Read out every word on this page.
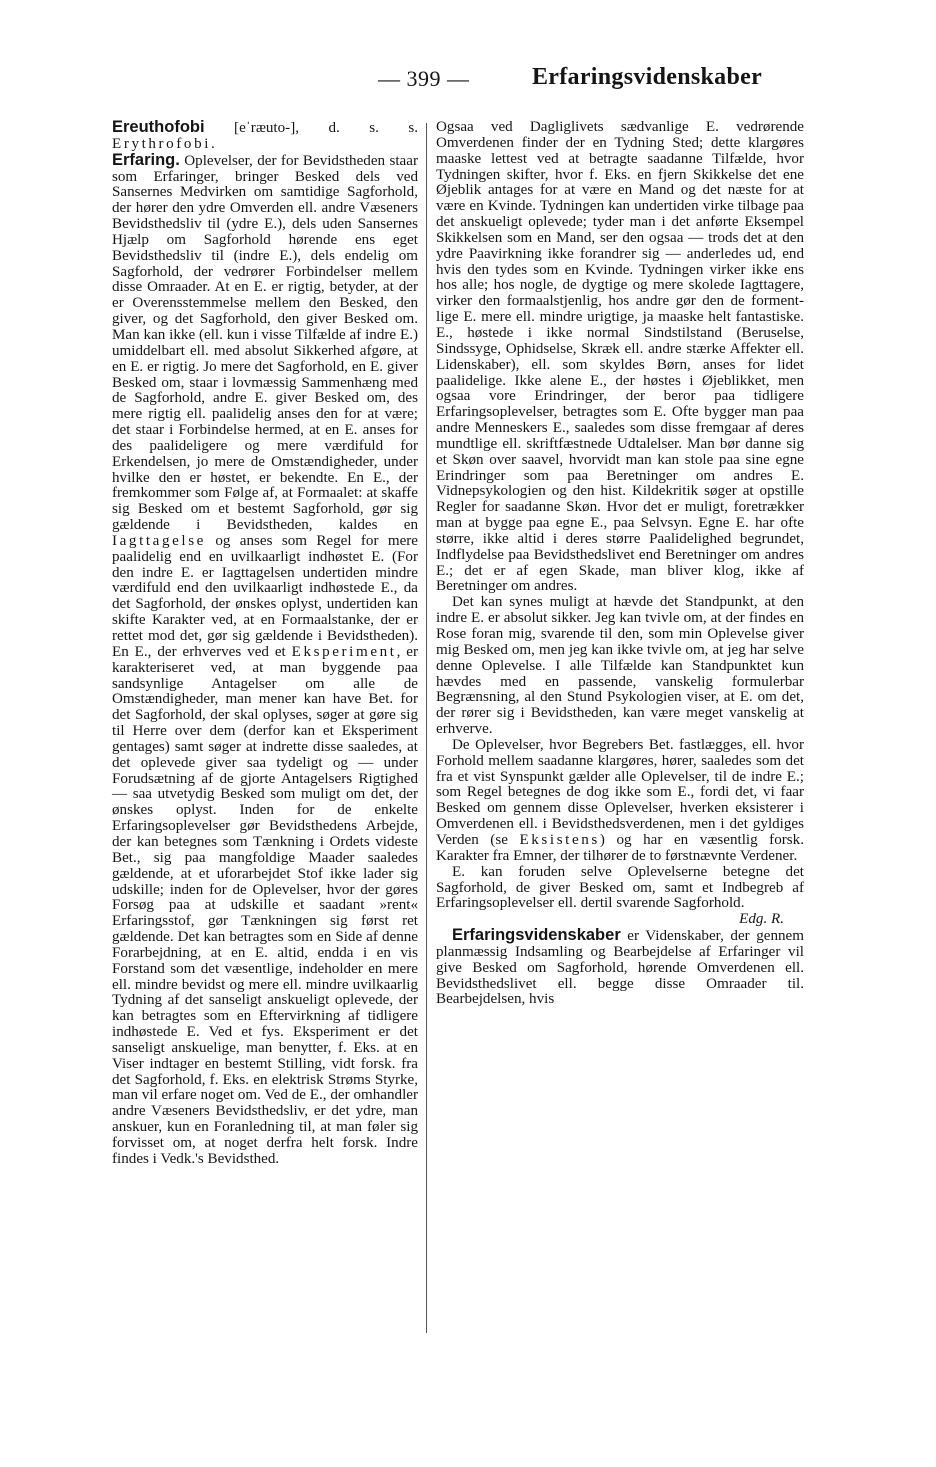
— 399 —	Erfaringsvidenskaber

Ereuthofobi [eˈræuto-], d. s. s. Erythrofobi.

Erfaring. Oplevelser, der for Bevidstheden staar som Erfaringer, bringer Besked dels ved Sansernes Medvirken om samtidige Sagforhold, der hører den ydre Omverden ell. andre Væseners Bevidsthedsliv til (ydre E.), dels uden Sansernes Hjælp om Sagforhold hørende ens eget Bevidsthedsliv til (indre E.), dels endelig om Sagforhold, der vedrører Forbindelser mellem disse Omraader. At en E. er rigtig, betyder, at der er Overensstemmelse mellem den Besked, den giver, og det Sagforhold, den giver Besked om. Man kan ikke (ell. kun i visse Tilfælde af indre E.) umiddelbart ell. med absolut Sikkerhed afgøre, at en E. er rigtig. Jo mere det Sagforhold, en E. giver Besked om, staar i lovmæssig Sammenhæng med de Sagforhold, andre E. giver Besked om, des mere rigtig ell. paalidelig anses den for at være; det staar i Forbindelse hermed, at en E. anses for des paalideligere og mere værdifuld for Erkendelsen, jo mere de Omstændigheder, under hvilke den er høstet, er bekendte. En E., der fremkommer som Følge af, at Formaalet: at skaffe sig Besked om et bestemt Sagforhold, gør sig gældende i Bevidstheden, kaldes en Iagttagelse og anses som Regel for mere paalidelig end en uvilkaarligt indhøstet E. (For den indre E. er Iagttagelsen undertiden mindre værdifuld end den uvilkaarligt indhøstede E., da det Sagforhold, der ønskes oplyst, undertiden kan skifte Karakter ved, at en Formaalstanke, der er rettet mod det, gør sig gældende i Bevidstheden). En E., der erhverves ved et Eksperiment, er karakteriseret ved, at man byggende paa sandsynlige Antagelser om alle de Omstændigheder, man mener kan have Bet. for det Sagforhold, der skal oplyses, søger at gøre sig til Herre over dem (derfor kan et Eksperiment gentages) samt søger at indrette disse saaledes, at det oplevede giver saa tydeligt og — under Forudsætning af de gjorte Antagelsers Rigtighed — saa utvetydig Besked som muligt om det, der ønskes oplyst. Inden for de enkelte Erfaringsoplevelser gør Bevidsthedens Arbejde, der kan betegnes som Tænkning i Ordets videste Bet., sig paa mangfoldige Maader saaledes gældende, at et uforarbejdet Stof ikke lader sig udskille; inden for de Oplevelser, hvor der gøres Forsøg paa at udskille et saadant »rent« Erfaringsstof, gør Tænkningen sig først ret gældende. Det kan betragtes som en Side af denne Forarbejdning, at en E. altid, endda i en vis Forstand som det væsentlige, indeholder en mere ell. mindre bevidst og mere ell. mindre uvilkaarlig Tydning af det sanseligt anskueligt oplevede, der kan betragtes som en Eftervirkning af tidligere indhøstede E. Ved et fys. Eksperiment er det sanseligt anskuelige, man benytter, f. Eks. at en Viser indtager en bestemt Stilling, vidt forsk. fra det Sagforhold, f. Eks. en elektrisk Strøms Styrke, man vil erfare noget om. Ved de E., der omhandler andre Væseners Bevidsthedsliv, er det ydre, man anskuer, kun en Foranledning til, at man føler sig forvisset om, at noget derfra helt forsk. Indre findes i Vedk.'s Bevidsthed.

Ogsaa ved Dagliglivets sædvanlige E. vedrørende Omverdenen finder der en Tydning Sted; dette klargøres maaske lettest ved at betragte saadanne Tilfælde, hvor Tydningen skifter, hvor f. Eks. en fjern Skikkelse det ene Øjeblik antages for at være en Mand og det næste for at være en Kvinde. Tydningen kan undertiden virke tilbage paa det anskueligt oplevede; tyder man i det anførte Eksempel Skikkelsen som en Mand, ser den ogsaa — trods det at den ydre Paavirkning ikke forandrer sig — anderledes ud, end hvis den tydes som en Kvinde. Tydningen virker ikke ens hos alle; hos nogle, de dygtige og mere skolede Iagttagere, virker den formaalstjenlig, hos andre gør den de forment-lige E. mere ell. mindre urigtige, ja maaske helt fantastiske. E., høstede i ikke normal Sindstilstand (Beruselse, Sindssyge, Ophidselse, Skræk ell. andre stærke Affekter ell. Lidenskaber), ell. som skyldes Børn, anses for lidet paalidelige. Ikke alene E., der høstes i Øjeblikket, men ogsaa vore Erindringer, der beror paa tidligere Erfaringsoplevelser, betragtes som E. Ofte bygger man paa andre Menneskers E., saaledes som disse fremgaar af deres mundtlige ell. skriftfæstnede Udtalelser. Man bør danne sig et Skøn over saavel, hvorvidt man kan stole paa sine egne Erindringer som paa Beretninger om andres E. Vidnepsykologien og den hist. Kildekritik søger at opstille Regler for saadanne Skøn. Hvor det er muligt, foretrækker man at bygge paa egne E., paa Selvsyn. Egne E. har ofte større, ikke altid i deres større Paalidelighed begrundet, Indflydelse paa Bevidsthedslivet end Beretninger om andres E.; det er af egen Skade, man bliver klog, ikke af Beretninger om andres.

Det kan synes muligt at hævde det Standpunkt, at den indre E. er absolut sikker. Jeg kan tvivle om, at der findes en Rose foran mig, svarende til den, som min Oplevelse giver mig Besked om, men jeg kan ikke tvivle om, at jeg har selve denne Oplevelse. I alle Tilfælde kan Standpunktet kun hævdes med en passende, vanskelig formulerbar Begrænsning, al den Stund Psykologien viser, at E. om det, der rører sig i Bevidstheden, kan være meget vanskelig at erhverve.

De Oplevelser, hvor Begrebers Bet. fastlægges, ell. hvor Forhold mellem saadanne klargøres, hører, saaledes som det fra et vist Synspunkt gælder alle Oplevelser, til de indre E.; som Regel betegnes de dog ikke som E., fordi det, vi faar Besked om gennem disse Oplevelser, hverken eksisterer i Omverdenen ell. i Bevidsthedsverdenen, men i det gyldiges Verden (se Eksistens) og har en væsentlig forsk. Karakter fra Emner, der tilhører de to førstnævnte Verdener.

E. kan foruden selve Oplevelserne betegne det Sagforhold, de giver Besked om, samt et Indbegreb af Erfaringsoplevelser ell. dertil svarende Sagforhold.
Edg. R.

Erfaringsvidenskaber er Videnskaber, der gennem planmæssig Indsamling og Bearbejdelse af Erfaringer vil give Besked om Sagforhold, hørende Omverdenen ell. Bevidsthedslivet ell. begge disse Omraader til. Bearbejdelsen, hvis
